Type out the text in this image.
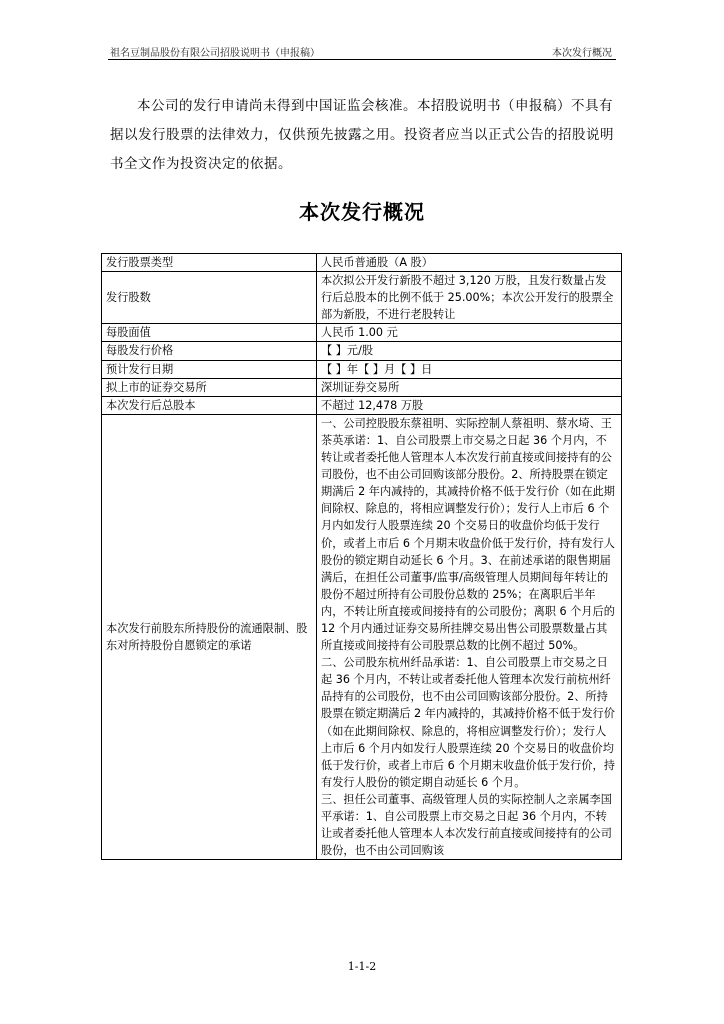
祖名豆制品股份有限公司招股说明书（申报稿）	本次发行概况

本公司的发行申请尚未得到中国证监会核准。本招股说明书（申报稿）不具有据以发行股票的法律效力，仅供预先披露之用。投资者应当以正式公告的招股说明书全文作为投资决定的依据。

本次发行概况
发行股票类型	人民币普通股（A 股）
发行股数	本次拟公开发行新股不超过 3,120 万股，且发行数量占发行后总股本的比例不低于 25.00%；本次公开发行的股票全部为新股，不进行老股转让
每股面值	人民币 1.00 元
每股发行价格	【 】元/股
预计发行日期	【 】年【 】月【 】日
拟上市的证券交易所	深圳证券交易所
本次发行后总股本	不超过 12,478 万股
本次发行前股东所持股份的流通限制、股东对所持股份自愿锁定的承诺	一、公司控股股东蔡祖明、实际控制人蔡祖明、蔡水埼、王茶英承诺：1、自公司股票上市交易之日起 36 个月内，不转让或者委托他人管理本人本次发行前直接或间接持有的公司股份，也不由公司回购该部分股份。2、所持股票在锁定期满后 2 年内减持的，其减持价格不低于发行价（如在此期间除权、除息的，将相应调整发行价）；发行人上市后 6 个月内如发行人股票连续 20 个交易日的收盘价均低于发行价，或者上市后 6 个月期末收盘价低于发行价，持有发行人股份的锁定期自动延长 6 个月。3、在前述承诺的限售期届满后，在担任公司董事/监事/高级管理人员期间每年转让的股份不超过所持有公司股份总数的 25%；在离职后半年内，不转让所直接或间接持有的公司股份；离职 6 个月后的 12 个月内通过证券交易所挂牌交易出售公司股票数量占其所直接或间接持有公司股票总数的比例不超过 50%。
二、公司股东杭州纤品承诺：1、自公司股票上市交易之日起 36 个月内，不转让或者委托他人管理本次发行前杭州纤品持有的公司股份，也不由公司回购该部分股份。2、所持股票在锁定期满后 2 年内减持的，其减持价格不低于发行价（如在此期间除权、除息的，将相应调整发行价）；发行人上市后 6 个月内如发行人股票连续 20 个交易日的收盘价均低于发行价，或者上市后 6 个月期末收盘价低于发行价，持有发行人股份的锁定期自动延长 6 个月。
三、担任公司董事、高级管理人员的实际控制人之亲属李国平承诺：1、自公司股票上市交易之日起 36 个月内，不转让或者委托他人管理本人本次发行前直接或间接持有的公司股份，也不由公司回购该
1-1-2
